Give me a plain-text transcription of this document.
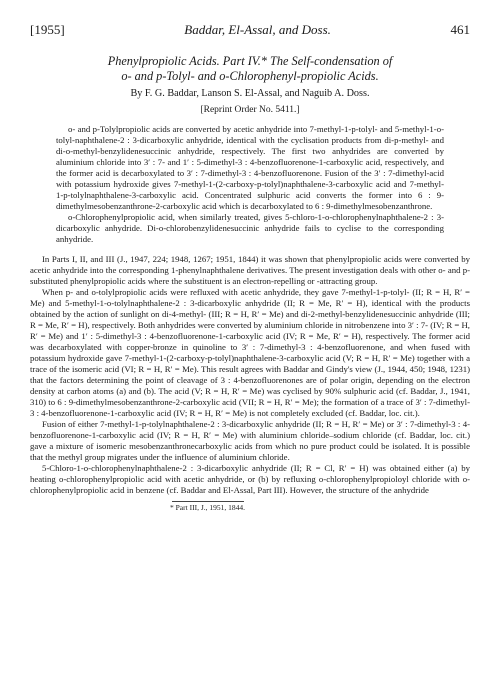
[1955]	Baddar, El-Assal, and Doss.	461
Phenylpropiolic Acids. Part IV.* The Self-condensation of
o- and p-Tolyl- and o-Chlorophenyl-propiolic Acids.
By F. G. Baddar, Lanson S. El-Assal, and Naguib A. Doss.
[Reprint Order No. 5411.]

o- and p-Tolylpropiolic acids are converted by acetic anhydride into 7-methyl-1-p-tolyl- and 5-methyl-1-o-tolyl-naphthalene-2 : 3-dicarboxylic anhydride, identical with the cyclisation products from di-p-methyl- and di-o-methyl-benzylidenesuccinic anhydride, respectively. The first two anhydrides are converted by aluminium chloride into 3′ : 7- and 1′ : 5-dimethyl-3 : 4-benzofluorenone-1-carboxylic acid, respectively, and the former acid is decarboxylated to 3′ : 7-dimethyl-3 : 4-benzofluorenone. Fusion of the 3′ : 7-dimethyl-acid with potassium hydroxide gives 7-methyl-1-(2-carboxy-p-tolyl)naphthalene-3-carboxylic acid and 7-methyl-1-p-tolylnaphthalene-3-carboxylic acid. Concentrated sulphuric acid converts the former into 6 : 9-dimethylmesobenzanthrone-2-carboxylic acid which is decarboxylated to 6 : 9-dimethylmesobenzanthrone.

o-Chlorophenylpropiolic acid, when similarly treated, gives 5-chloro-1-o-chlorophenylnaphthalene-2 : 3-dicarboxylic anhydride. Di-o-chlorobenzylidenesuccinic anhydride fails to cyclise to the corresponding anhydride.

In Parts I, II, and III (J., 1947, 224; 1948, 1267; 1951, 1844) it was shown that phenylpropiolic acids were converted by acetic anhydride into the corresponding 1-phenylnaphthalene derivatives. The present investigation deals with other o- and p-substituted phenylpropiolic acids where the substituent is an electron-repelling or -attracting group.

When p- and o-tolylpropiolic acids were refluxed with acetic anhydride, they gave 7-methyl-1-p-tolyl- (II; R = H, R′ = Me) and 5-methyl-1-o-tolylnaphthalene-2 : 3-dicarboxylic anhydride (II; R = Me, R′ = H), identical with the products obtained by the action of sunlight on di-4-methyl- (III; R = H, R′ = Me) and di-2-methyl-benzylidenesuccinic anhydride (III; R = Me, R′ = H), respectively. Both anhydrides were converted by aluminium chloride in nitrobenzene into 3′ : 7- (IV; R = H, R′ = Me) and 1′ : 5-dimethyl-3 : 4-benzofluorenone-1-carboxylic acid (IV; R = Me, R′ = H), respectively. The former acid was decarboxylated with copper-bronze in quinoline to 3′ : 7-dimethyl-3 : 4-benzofluorenone, and when fused with potassium hydroxide gave 7-methyl-1-(2-carboxy-p-tolyl)naphthalene-3-carboxylic acid (V; R = H, R′ = Me) together with a trace of the isomeric acid (VI; R = H, R′ = Me). This result agrees with Baddar and Gindy's view (J., 1944, 450; 1948, 1231) that the factors determining the point of cleavage of 3 : 4-benzofluorenones are of polar origin, depending on the electron density at carbon atoms (a) and (b). The acid (V; R = H, R′ = Me) was cyclised by 90% sulphuric acid (cf. Baddar, J., 1941, 310) to 6 : 9-dimethylmesobenzanthrone-2-carboxylic acid (VII; R = H, R′ = Me); the formation of a trace of 3′ : 7-dimethyl-3 : 4-benzofluorenone-1-carboxylic acid (IV; R = H, R′ = Me) is not completely excluded (cf. Baddar, loc. cit.).

Fusion of either 7-methyl-1-p-tolylnaphthalene-2 : 3-dicarboxylic anhydride (II; R = H, R′ = Me) or 3′ : 7-dimethyl-3 : 4-benzofluorenone-1-carboxylic acid (IV; R = H, R′ = Me) with aluminium chloride–sodium chloride (cf. Baddar, loc. cit.) gave a mixture of isomeric mesobenzanthronecarboxylic acids from which no pure product could be isolated. It is possible that the methyl group migrates under the influence of aluminium chloride.

5-Chloro-1-o-chlorophenylnaphthalene-2 : 3-dicarboxylic anhydride (II; R = Cl, R′ = H) was obtained either (a) by heating o-chlorophenylpropiolic acid with acetic anhydride, or (b) by refluxing o-chlorophenylpropioloyl chloride with o-chlorophenylpropiolic acid in benzene (cf. Baddar and El-Assal, Part III). However, the structure of the anhydride

* Part III, J., 1951, 1844.
